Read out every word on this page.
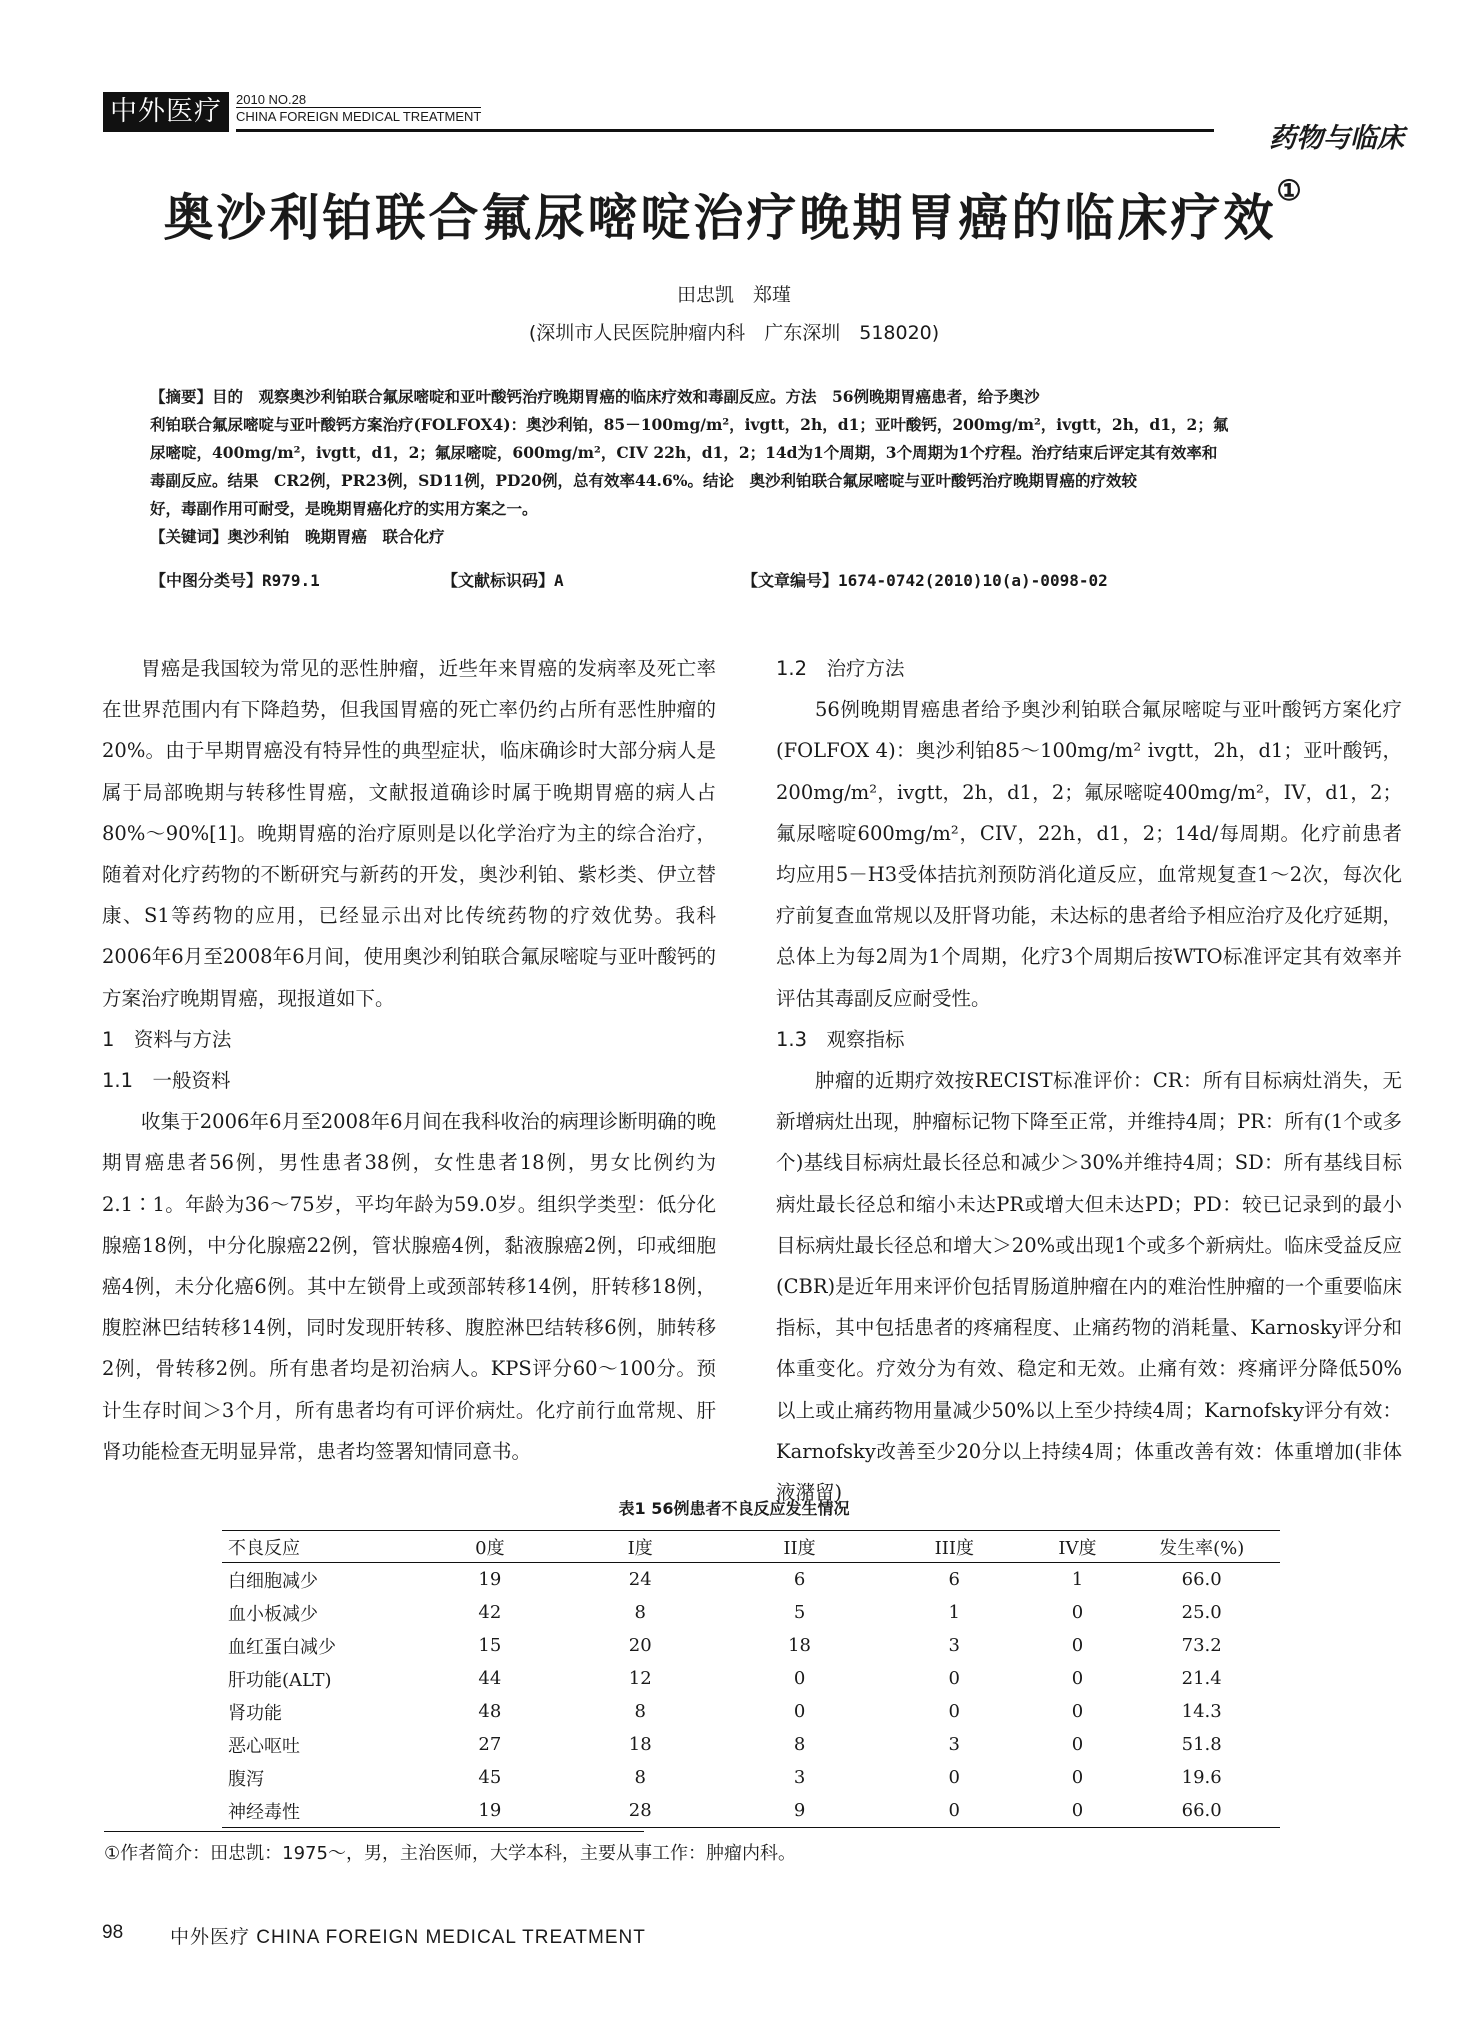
中外医疗	2010 NO.28
CHINA FOREIGN MEDICAL TREATMENT
药物与临床
奥沙利铂联合氟尿嘧啶治疗晚期胃癌的临床疗效①
田忠凯　郑瑾
(深圳市人民医院肿瘤内科　广东深圳　518020)
【摘要】目的　观察奥沙利铂联合氟尿嘧啶和亚叶酸钙治疗晚期胃癌的临床疗效和毒副反应。方法　56例晚期胃癌患者，给予奥沙
利铂联合氟尿嘧啶与亚叶酸钙方案治疗(FOLFOX4)：奥沙利铂，85－100mg/m²，ivgtt，2h，d1；亚叶酸钙，200mg/m²，ivgtt，2h，d1，2；氟
尿嘧啶，400mg/m²，ivgtt，d1，2；氟尿嘧啶，600mg/m²，CIV 22h，d1，2；14d为1个周期，3个周期为1个疗程。治疗结束后评定其有效率和
毒副反应。结果　CR2例，PR23例，SD11例，PD20例，总有效率44.6%。结论　奥沙利铂联合氟尿嘧啶与亚叶酸钙治疗晚期胃癌的疗效较
好，毒副作用可耐受，是晚期胃癌化疗的实用方案之一。
【关键词】奥沙利铂　晚期胃癌　联合化疗
【中图分类号】R979.1	【文献标识码】A	【文章编号】1674-0742(2010)10(a)-0098-02

胃癌是我国较为常见的恶性肿瘤，近些年来胃癌的发病率及死亡率在世界范围内有下降趋势，但我国胃癌的死亡率仍约占所有恶性肿瘤的20%。由于早期胃癌没有特异性的典型症状，临床确诊时大部分病人是属于局部晚期与转移性胃癌，文献报道确诊时属于晚期胃癌的病人占80%～90%[1]。晚期胃癌的治疗原则是以化学治疗为主的综合治疗，随着对化疗药物的不断研究与新药的开发，奥沙利铂、紫杉类、伊立替康、S1等药物的应用，已经显示出对比传统药物的疗效优势。我科2006年6月至2008年6月间，使用奥沙利铂联合氟尿嘧啶与亚叶酸钙的方案治疗晚期胃癌，现报道如下。

1　资料与方法

1.1　一般资料

收集于2006年6月至2008年6月间在我科收治的病理诊断明确的晚期胃癌患者56例，男性患者38例，女性患者18例，男女比例约为2.1∶1。年龄为36～75岁，平均年龄为59.0岁。组织学类型：低分化腺癌18例，中分化腺癌22例，管状腺癌4例，黏液腺癌2例，印戒细胞癌4例，未分化癌6例。其中左锁骨上或颈部转移14例，肝转移18例，腹腔淋巴结转移14例，同时发现肝转移、腹腔淋巴结转移6例，肺转移2例，骨转移2例。所有患者均是初治病人。KPS评分60～100分。预计生存时间＞3个月，所有患者均有可评价病灶。化疗前行血常规、肝肾功能检查无明显异常，患者均签署知情同意书。

1.2　治疗方法

56例晚期胃癌患者给予奥沙利铂联合氟尿嘧啶与亚叶酸钙方案化疗(FOLFOX 4)：奥沙利铂85～100mg/m² ivgtt，2h，d1；亚叶酸钙，200mg/m²，ivgtt，2h，d1，2；氟尿嘧啶400mg/m²，IV，d1，2；氟尿嘧啶600mg/m²，CIV，22h，d1，2；14d/每周期。化疗前患者均应用5－H3受体拮抗剂预防消化道反应，血常规复查1～2次，每次化疗前复查血常规以及肝肾功能，未达标的患者给予相应治疗及化疗延期，总体上为每2周为1个周期，化疗3个周期后按WTO标准评定其有效率并评估其毒副反应耐受性。

1.3　观察指标

肿瘤的近期疗效按RECIST标准评价：CR：所有目标病灶消失，无新增病灶出现，肿瘤标记物下降至正常，并维持4周；PR：所有(1个或多个)基线目标病灶最长径总和减少＞30%并维持4周；SD：所有基线目标病灶最长径总和缩小未达PR或增大但未达PD；PD：较已记录到的最小目标病灶最长径总和增大＞20%或出现1个或多个新病灶。临床受益反应(CBR)是近年用来评价包括胃肠道肿瘤在内的难治性肿瘤的一个重要临床指标，其中包括患者的疼痛程度、止痛药物的消耗量、Karnosky评分和体重变化。疗效分为有效、稳定和无效。止痛有效：疼痛评分降低50%以上或止痛药物用量减少50%以上至少持续4周；Karnofsky评分有效：Karnofsky改善至少20分以上持续4周；体重改善有效：体重增加(非体液潴留)

表1 56例患者不良反应发生情况
不良反应	0度	I度	II度	III度	IV度	发生率(%)
白细胞减少	19	24	6	6	1	66.0
血小板减少	42	8	5	1	0	25.0
血红蛋白减少	15	20	18	3	0	73.2
肝功能(ALT)	44	12	0	0	0	21.4
肾功能	48	8	0	0	0	14.3
恶心呕吐	27	18	8	3	0	51.8
腹泻	45	8	3	0	0	19.6
神经毒性	19	28	9	0	0	66.0
①作者简介：田忠凯：1975～，男，主治医师，大学本科，主要从事工作：肿瘤内科。
98 中外医疗 CHINA FOREIGN MEDICAL TREATMENT
